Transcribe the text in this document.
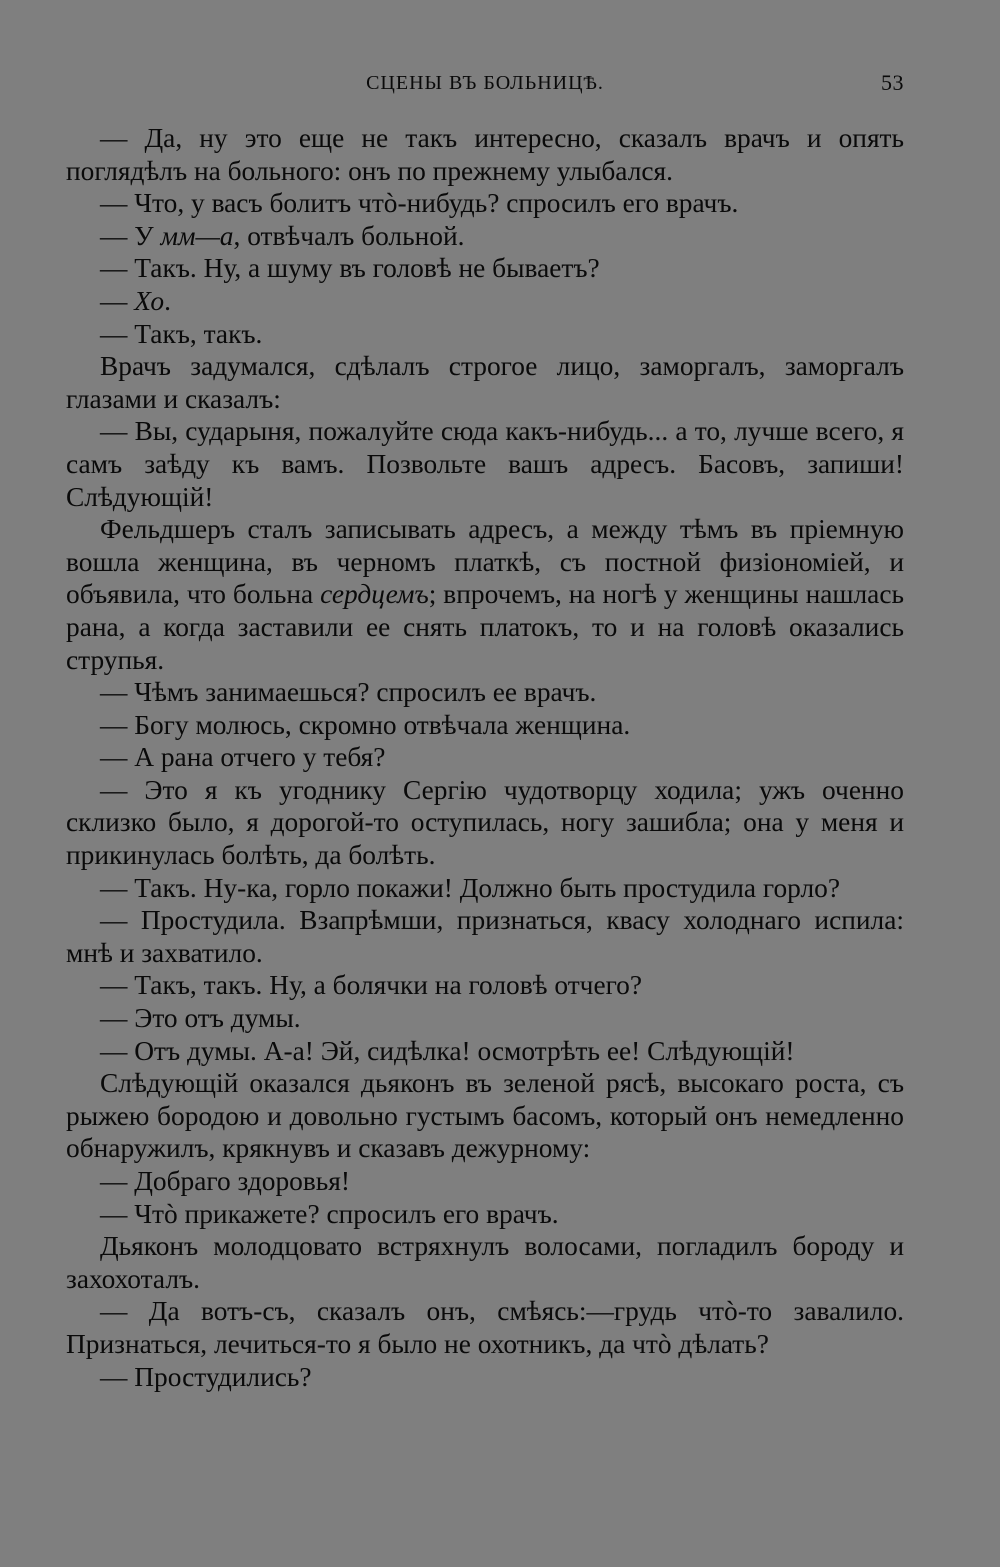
СЦЕНЫ ВЪ БОЛЬНИЦѢ.	53

— Да, ну это еще не такъ интересно, сказалъ врачъ и опять поглядѣлъ на больного: онъ по прежнему улыбался.

— Что, у васъ болитъ чтò-нибудь? спросилъ его врачъ.

— У мм—а, отвѣчалъ больной.

— Такъ. Ну, а шуму въ головѣ не бываетъ?

— Хо.

— Такъ, такъ.

Врачъ задумался, сдѣлалъ строгое лицо, заморгалъ, заморгалъ глазами и сказалъ:

— Вы, сударыня, пожалуйте сюда какъ-нибудь... а то, лучше всего, я самъ заѣду къ вамъ. Позвольте вашъ адресъ. Басовъ, запиши! Слѣдующій!

Фельдшеръ сталъ записывать адресъ, а между тѣмъ въ пріемную вошла женщина, въ черномъ платкѣ, съ постной физіономіей, и объявила, что больна сердцемъ; впрочемъ, на ногѣ у женщины нашлась рана, а когда заставили ее снять платокъ, то и на головѣ оказались струпья.

— Чѣмъ занимаешься? спросилъ ее врачъ.

— Богу молюсь, скромно отвѣчала женщина.

— А рана отчего у тебя?

— Это я къ угоднику Сергію чудотворцу ходила; ужъ оченно склизко было, я дорогой-то оступилась, ногу зашибла; она у меня и прикинулась болѣть, да болѣть.

— Такъ. Ну-ка, горло покажи! Должно быть простудила горло?

— Простудила. Взапрѣмши, признаться, квасу холоднаго испила: мнѣ и захватило.

— Такъ, такъ. Ну, а болячки на головѣ отчего?

— Это отъ думы.

— Отъ думы. А-а! Эй, сидѣлка! осмотрѣть ее! Слѣдующій!

Слѣдующій оказался дьяконъ въ зеленой рясѣ, высокаго роста, съ рыжею бородою и довольно густымъ басомъ, который онъ немедленно обнаружилъ, крякнувъ и сказавъ дежурному:

— Добраго здоровья!

— Чтò прикажете? спросилъ его врачъ.

Дьяконъ молодцовато встряхнулъ волосами, погладилъ бороду и захохоталъ.

— Да вотъ-съ, сказалъ онъ, смѣясь:—грудь чтò-то завалило. Признаться, лечиться-то я было не охотникъ, да чтò дѣлать?

— Простудились?
